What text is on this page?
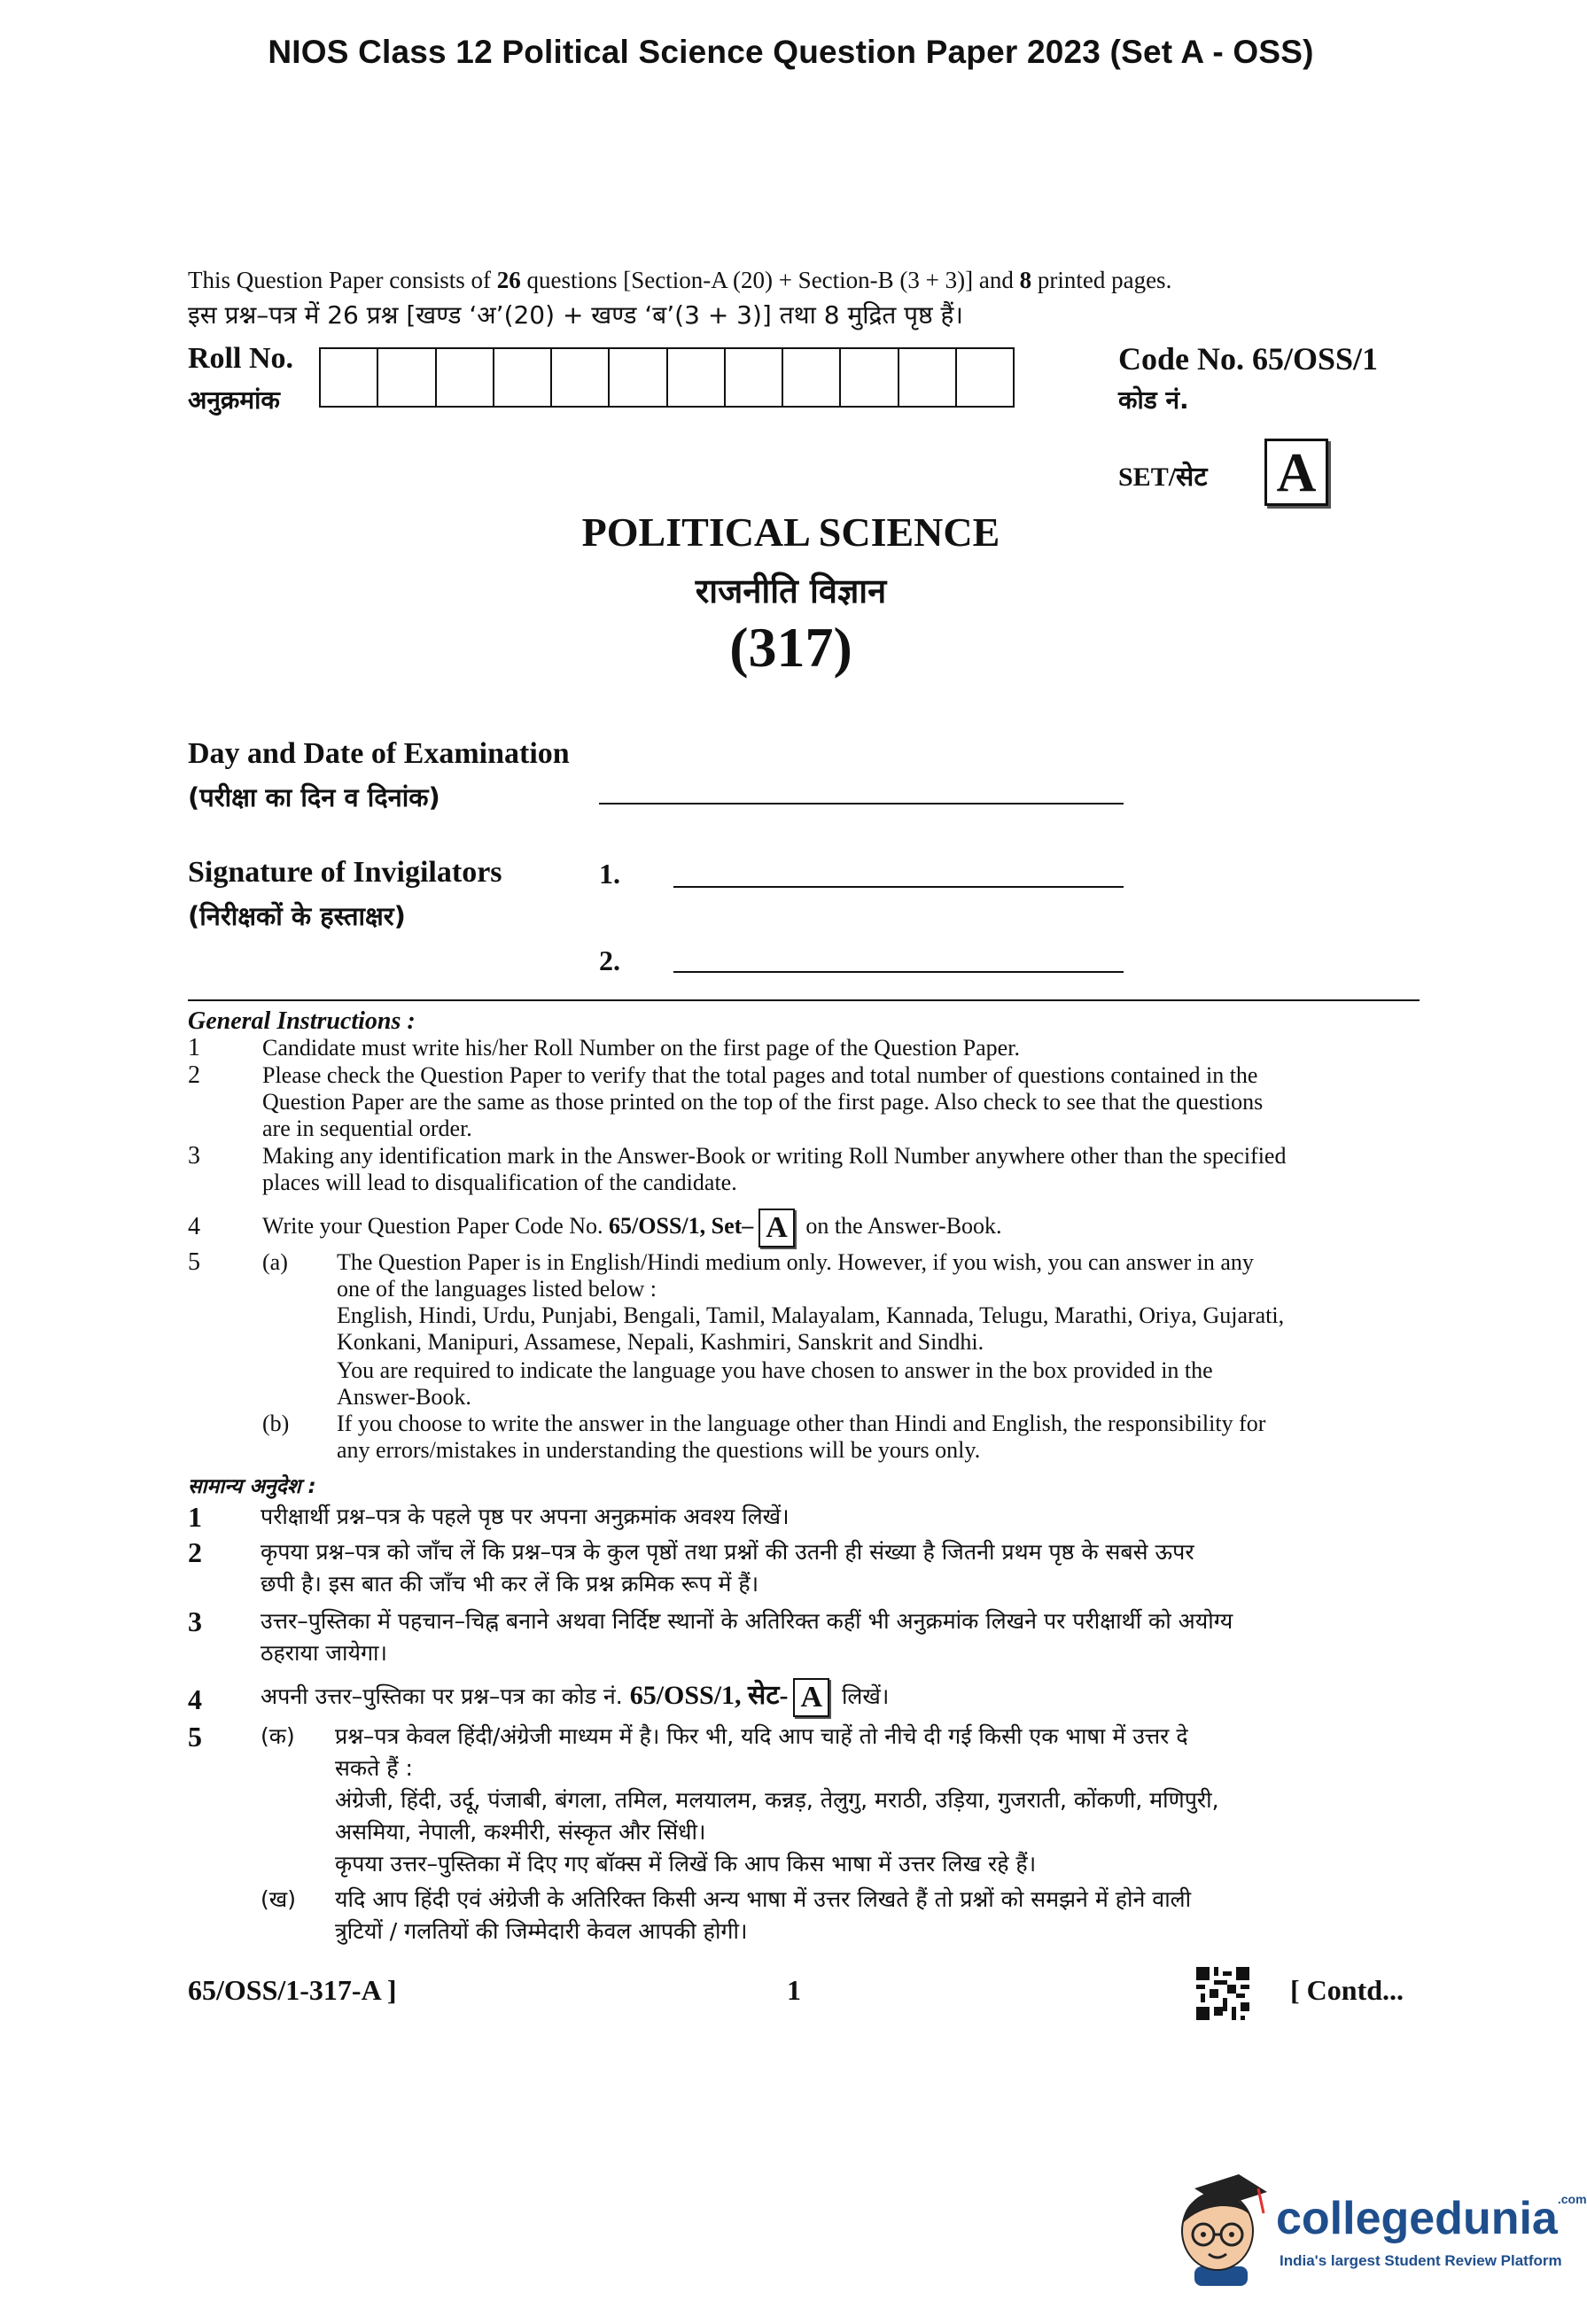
NIOS Class 12 Political Science Question Paper 2023 (Set A - OSS)
This Question Paper consists of 26 questions [Section-A (20) + Section-B (3 + 3)] and 8 printed pages.
इस प्रश्न–पत्र में 26 प्रश्न [खण्ड ‘अ’(20) + खण्ड ‘ब’(3 + 3)] तथा 8 मुद्रित पृष्ठ हैं।
Roll No.
अनुक्रमांक
Code No. 65/OSS/1
कोड नं.
SET/सेट A
POLITICAL SCIENCE
राजनीति विज्ञान
(317)
Day and Date of Examination
(परीक्षा का दिन व दिनांक)
Signature of Invigilators
(निरीक्षकों के हस्ताक्षर)
1.
2.
General Instructions :
1	Candidate must write his/her Roll Number on the first page of the Question Paper.
2	Please check the Question Paper to verify that the total pages and total number of questions contained in the
Question Paper are the same as those printed on the top of the first page. Also check to see that the questions
are in sequential order.
3	Making any identification mark in the Answer-Book or writing Roll Number anywhere other than the specified
places will lead to disqualification of the candidate.
4	Write your Question Paper Code No. 65/OSS/1, Set– A on the Answer-Book.
5	(a) The Question Paper is in English/Hindi medium only. However, if you wish, you can answer in any
one of the languages listed below :
English, Hindi, Urdu, Punjabi, Bengali, Tamil, Malayalam, Kannada, Telugu, Marathi, Oriya, Gujarati,
Konkani, Manipuri, Assamese, Nepali, Kashmiri, Sanskrit and Sindhi.
You are required to indicate the language you have chosen to answer in the box provided in the
Answer-Book.
(b) If you choose to write the answer in the language other than Hindi and English, the responsibility for
any errors/mistakes in understanding the questions will be yours only.
सामान्य अनुदेश :
1	परीक्षार्थी प्रश्न–पत्र के पहले पृष्ठ पर अपना अनुक्रमांक अवश्य लिखें।
2	कृपया प्रश्न–पत्र को जाँच लें कि प्रश्न–पत्र के कुल पृष्ठों तथा प्रश्नों की उतनी ही संख्या है जितनी प्रथम पृष्ठ के सबसे ऊपर
छपी है। इस बात की जाँच भी कर लें कि प्रश्न क्रमिक रूप में हैं।
3	उत्तर–पुस्तिका में पहचान–चिह्न बनाने अथवा निर्दिष्ट स्थानों के अतिरिक्त कहीं भी अनुक्रमांक लिखने पर परीक्षार्थी को अयोग्य
ठहराया जायेगा।
4	अपनी उत्तर–पुस्तिका पर प्रश्न–पत्र का कोड नं. 65/OSS/1, सेट- A लिखें।
5	(क) प्रश्न–पत्र केवल हिंदी/अंग्रेजी माध्यम में है। फिर भी, यदि आप चाहें तो नीचे दी गई किसी एक भाषा में उत्तर दे
सकते हैं :
अंग्रेजी, हिंदी, उर्दू, पंजाबी, बंगला, तमिल, मलयालम, कन्नड़, तेलुगु, मराठी, उड़िया, गुजराती, कोंकणी, मणिपुरी,
असमिया, नेपाली, कश्मीरी, संस्कृत और सिंधी।
कृपया उत्तर–पुस्तिका में दिए गए बॉक्स में लिखें कि आप किस भाषा में उत्तर लिख रहे हैं।
(ख) यदि आप हिंदी एवं अंग्रेजी के अतिरिक्त किसी अन्य भाषा में उत्तर लिखते हैं तो प्रश्नों को समझने में होने वाली
त्रुटियों / गलतियों की जिम्मेदारी केवल आपकी होगी।
65/OSS/1-317-A ]	1	[ Contd...
collegedunia.com
India's largest Student Review Platform
